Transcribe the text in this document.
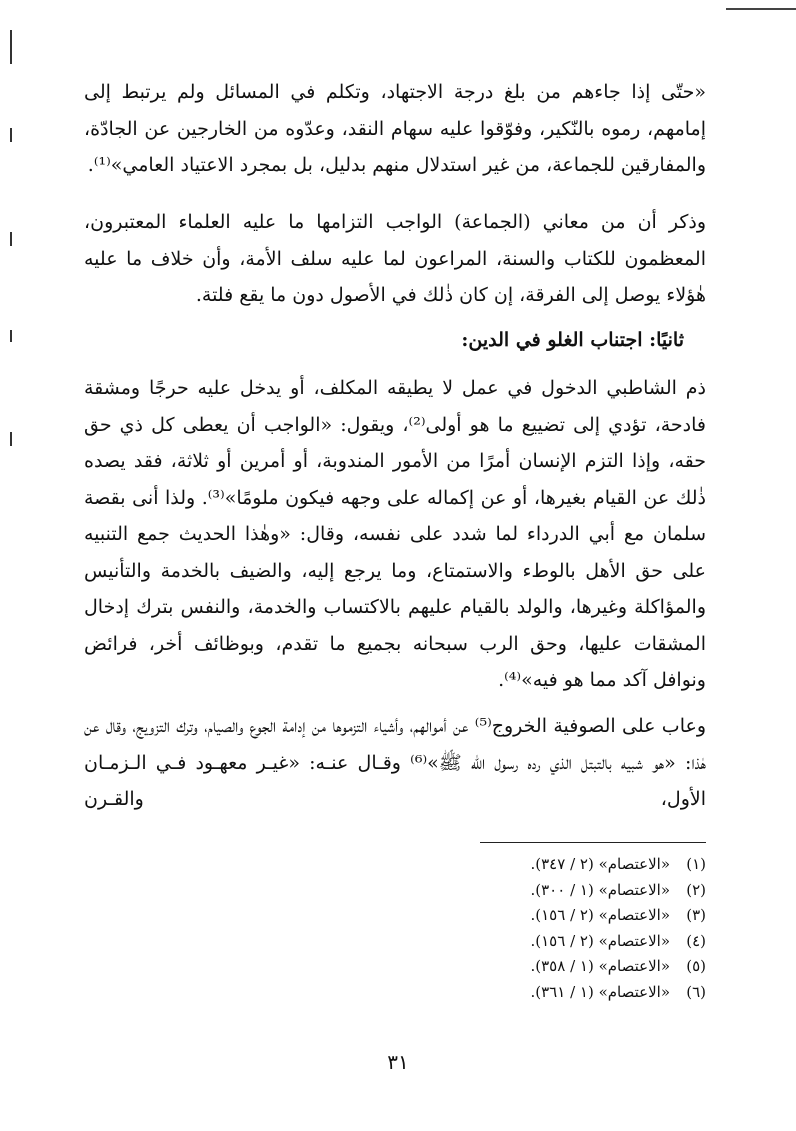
«حتّى إذا جاءهم من بلغ درجة الاجتهاد، وتكلم في المسائل ولم يرتبط إلى إمامهم، رموه بالنّكير، وفوّقوا عليه سهام النقد، وعدّوه من الخارجين عن الجادّة، والمفارقين للجماعة، من غير استدلال منهم بدليل، بل بمجرد الاعتياد العامي»⁽¹⁾.

وذكر أن من معاني (الجماعة) الواجب التزامها ما عليه العلماء المعتبرون، المعظمون للكتاب والسنة، المراعون لما عليه سلف الأمة، وأن خلاف ما عليه هٰؤلاء يوصل إلى الفرقة، إن كان ذٰلك في الأصول دون ما يقع فلتة.

ثانيًا: اجتناب الغلو في الدين:

ذم الشاطبي الدخول في عمل لا يطيقه المكلف، أو يدخل عليه حرجًا ومشقة فادحة، تؤدي إلى تضييع ما هو أولى⁽²⁾، ويقول: «الواجب أن يعطى كل ذي حق حقه، وإذا التزم الإنسان أمرًا من الأمور المندوبة، أو أمرين أو ثلاثة، فقد يصده ذٰلك عن القيام بغيرها، أو عن إكماله على وجهه فيكون ملومًا»⁽³⁾. ولذا أنى بقصة سلمان مع أبي الدرداء لما شدد على نفسه، وقال: «وهٰذا الحديث جمع التنبيه على حق الأهل بالوطء والاستمتاع، وما يرجع إليه، والضيف بالخدمة والتأنيس والمؤاكلة وغيرها، والولد بالقيام عليهم بالاكتساب والخدمة، والنفس بترك إدخال المشقات عليها، وحق الرب سبحانه بجميع ما تقدم، وبوظائف أخر، فرائض ونوافل آكد مما هو فيه»⁽⁴⁾.

وعاب على الصوفية الخروج⁽⁵⁾ عن أموالهم، وأشياء التزموها من إدامة الجوع والصيام، وترك التزويج، وقال عن هٰذا: «هو شبيه بالتبتل الذي رده رسول الله ﷺ»⁽⁶⁾ وقـال عنـه: «غيـر معهـود فـي الـزمـان الأول، والقـرن

(١)«الاعتصام» (٢ / ٣٤٧).
(٢)«الاعتصام» (١ / ٣٠٠).
(٣)«الاعتصام» (٢ / ١٥٦).
(٤)«الاعتصام» (٢ / ١٥٦).
(٥)«الاعتصام» (١ / ٣٥٨).
(٦)«الاعتصام» (١ / ٣٦١).
٣١
